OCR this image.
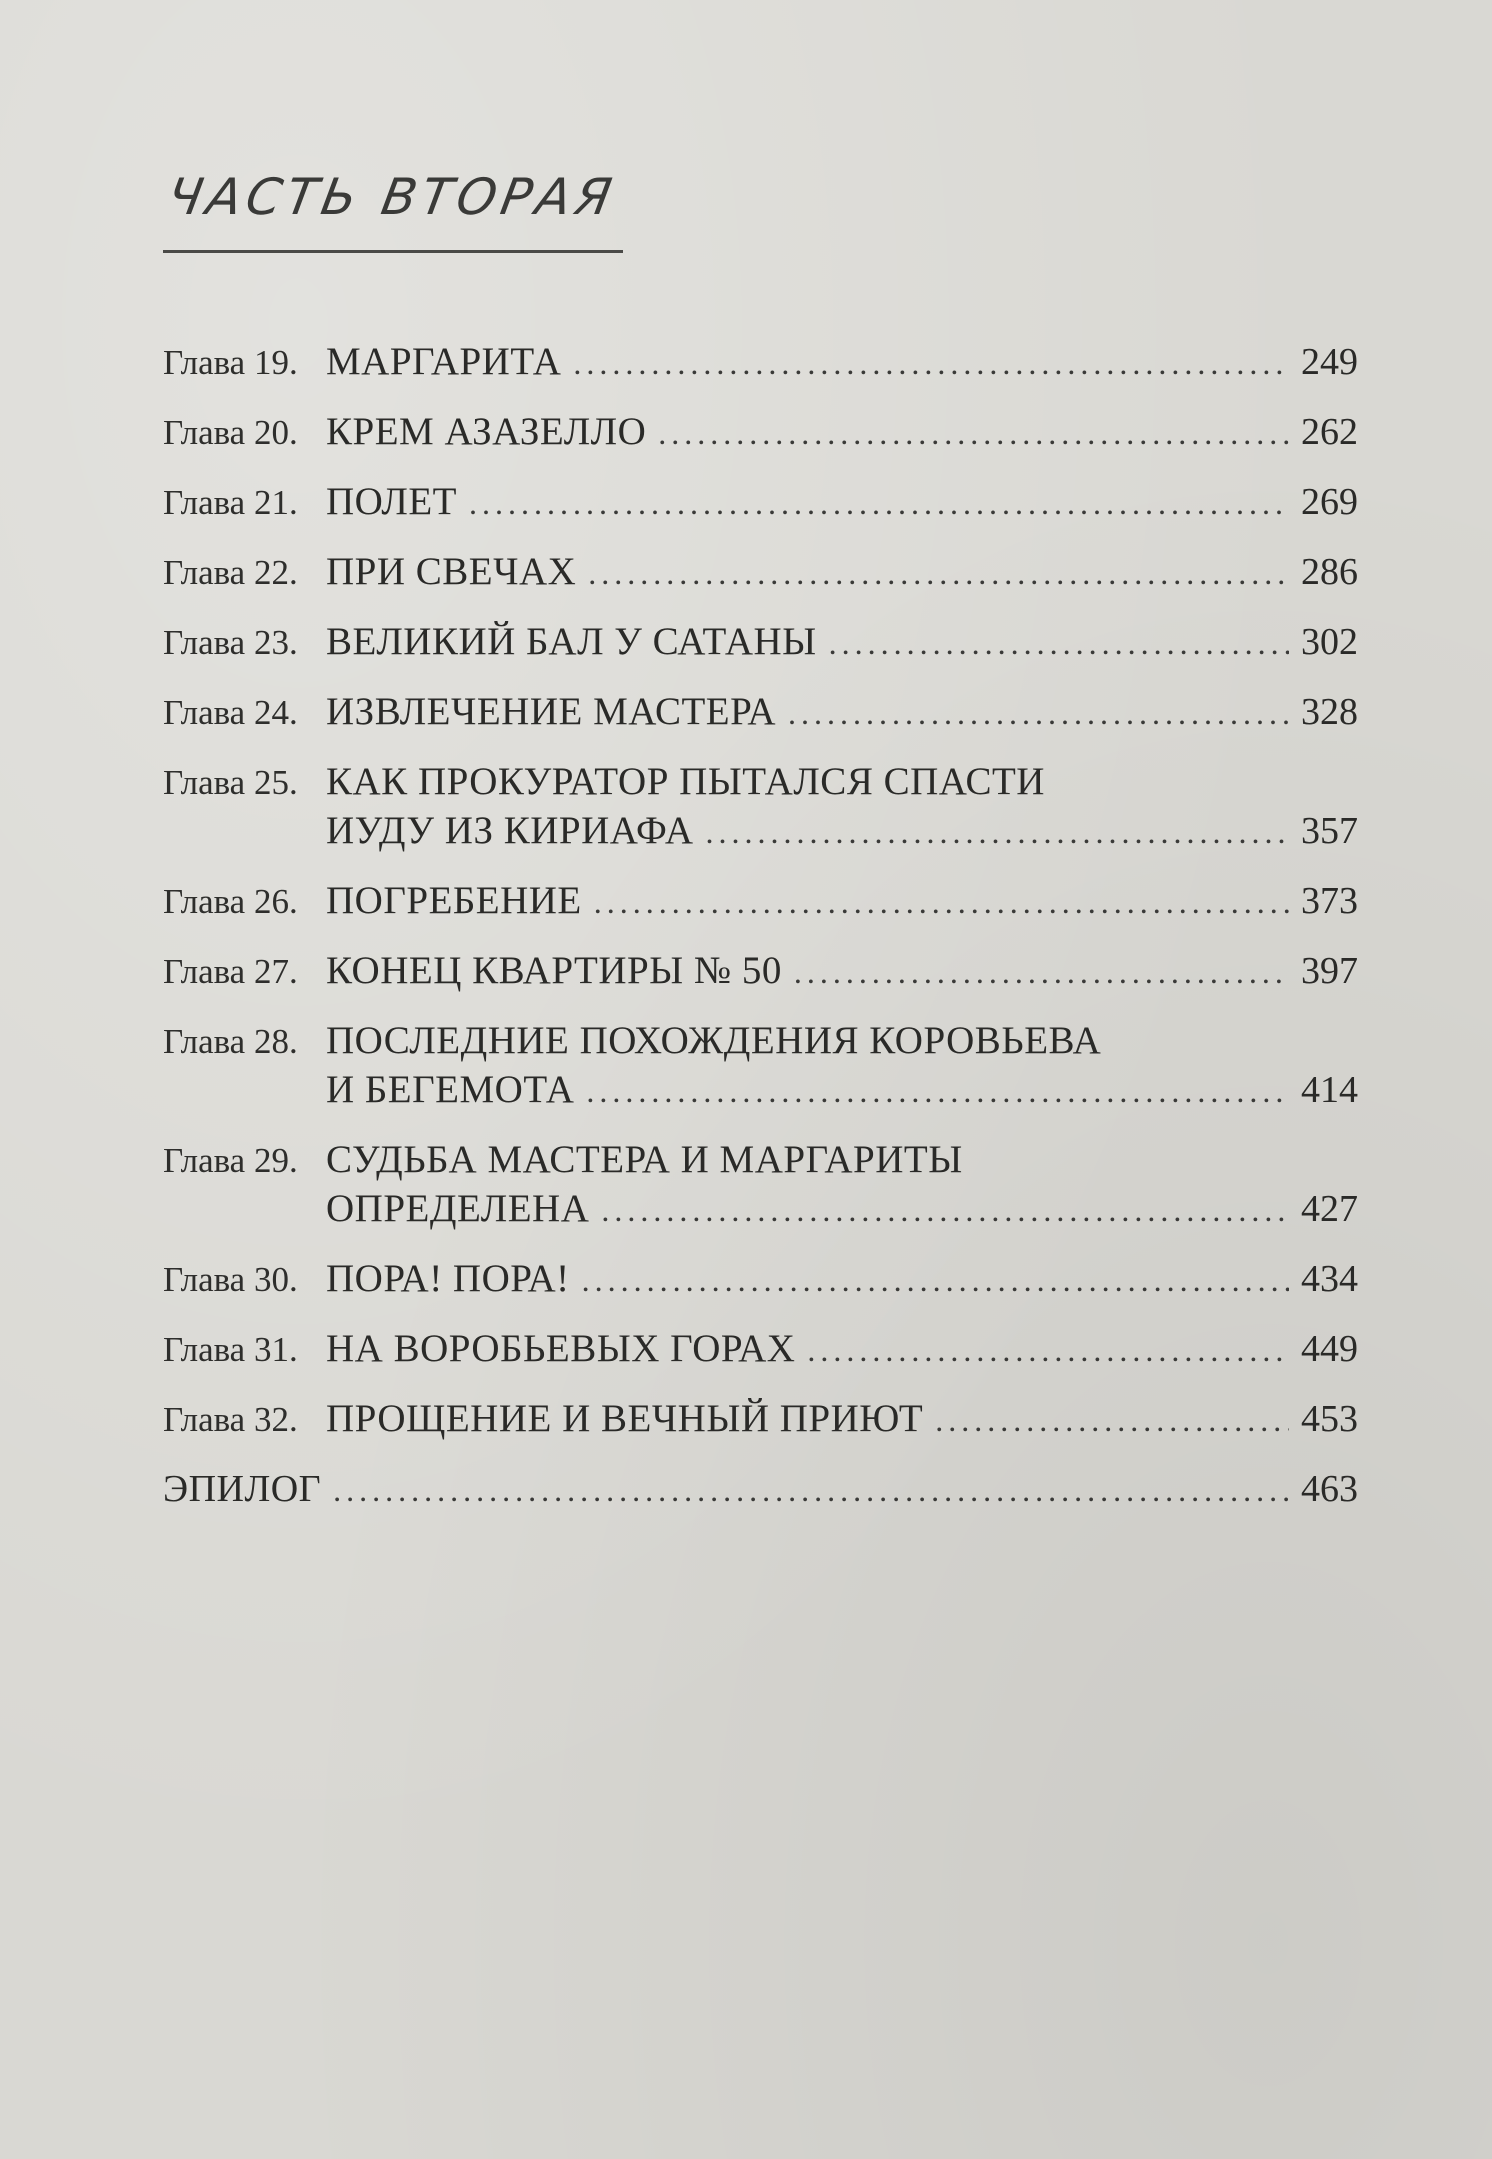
ЧАСТЬ ВТОРАЯ
Глава 19. МАРГАРИТА . . .	249
Глава 20. КРЕМ АЗАЗЕЛЛО . . .	262
Глава 21. ПОЛЕТ . . .	269
Глава 22. ПРИ СВЕЧАХ . . .	286
Глава 23. ВЕЛИКИЙ БАЛ У САТАНЫ . . .	302
Глава 24. ИЗВЛЕЧЕНИЕ МАСТЕРА . . .	328
Глава 25. КАК ПРОКУРАТОР ПЫТАЛСЯ СПАСТИ
ИУДУ ИЗ КИРИАФА . . .	357
Глава 26. ПОГРЕБЕНИЕ . . .	373
Глава 27. КОНЕЦ КВАРТИРЫ № 50 . . .	397
Глава 28. ПОСЛЕДНИЕ ПОХОЖДЕНИЯ КОРОВЬЕВА
И БЕГЕМОТА . . .	414
Глава 29. СУДЬБА МАСТЕРА И МАРГАРИТЫ
ОПРЕДЕЛЕНА . . .	427
Глава 30. ПОРА! ПОРА! . . .	434
Глава 31. НА ВОРОБЬЕВЫХ ГОРАХ . . .	449
Глава 32. ПРОЩЕНИЕ И ВЕЧНЫЙ ПРИЮТ . . .	453
ЭПИЛОГ . . .	463
